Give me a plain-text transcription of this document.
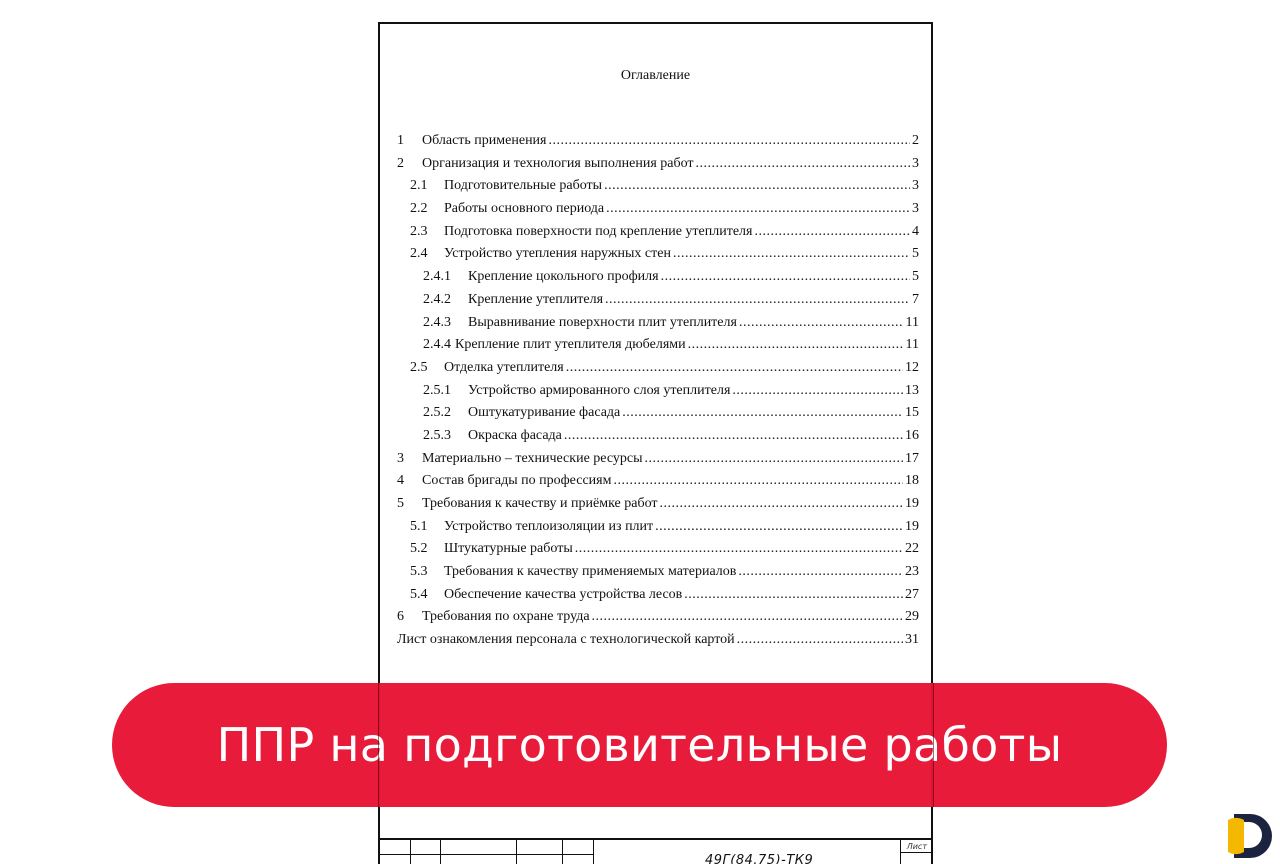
Оглавление
1	Область применения .....	2
2	Организация и технология выполнения работ .....	3
2.1	Подготовительные работы .....	3
2.2	Работы основного периода .....	3
2.3	Подготовка поверхности под крепление утеплителя .....	4
2.4	Устройство утепления наружных стен .....	5
2.4.1	Крепление цокольного профиля .....	5
2.4.2	Крепление утеплителя .....	7
2.4.3	Выравнивание поверхности плит утеплителя .....	11
2.4.4 Крепление плит утеплителя дюбелями .....	11
2.5	Отделка утеплителя .....	12
2.5.1	Устройство армированного слоя утеплителя .....	13
2.5.2	Оштукатуривание фасада .....	15
2.5.3	Окраска фасада .....	16
3	Материально – технические ресурсы .....	17
4	Состав бригады по профессиям .....	18
5	Требования к качеству и приёмке работ .....	19
5.1	Устройство теплоизоляции из плит .....	19
5.2	Штукатурные работы .....	22
5.3	Требования к качеству применяемых материалов .....	23
5.4	Обеспечение качества устройства лесов .....	27
6	Требования по охране труда .....	29
Лист ознакомления персонала с технологической картой .....	31
49Г(84.75)-ТК9
Лист
ППР на подготовительные работы
